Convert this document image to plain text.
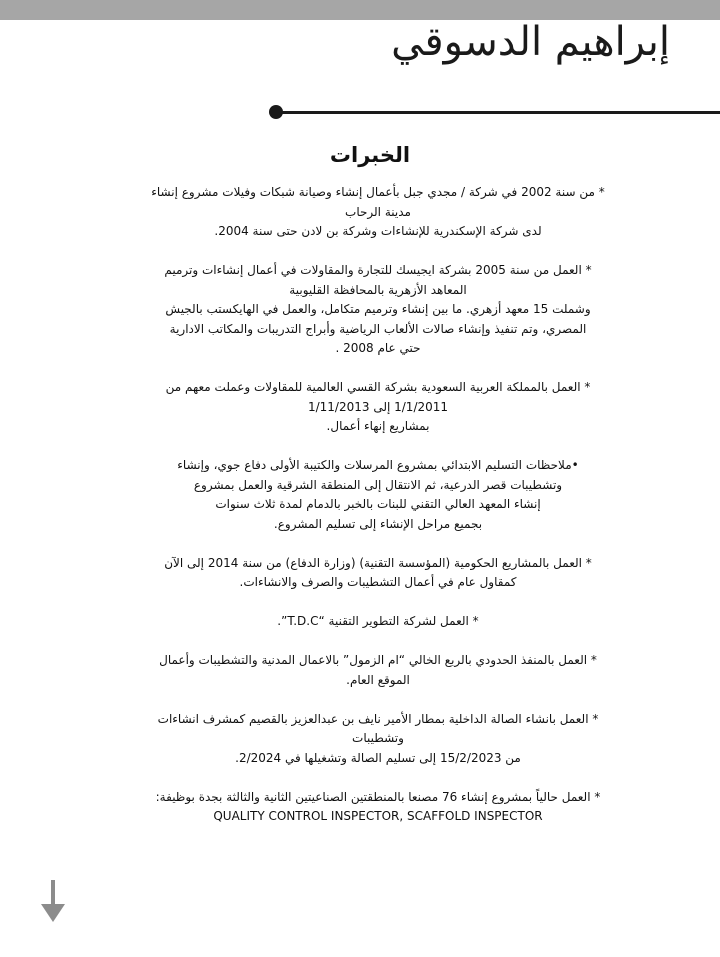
إبراهيم الدسوقي
الخبرات
* من سنة 2002 في شركة / مجدي جبل بأعمال إنشاء وصيانة شبكات وفيلات مشروع إنشاء
مدينة الرحاب
لدى شركة الإسكندرية للإنشاءات وشركة بن لادن حتى سنة 2004.
* العمل من سنة 2005 بشركة ايجيسك للتجارة والمقاولات في أعمال إنشاءات وترميم
المعاهد الأزهرية بالمحافظة القليوبية
وشملت 15 معهد أزهري. ما بين إنشاء وترميم متكامل، والعمل في الهايكستب بالجيش
المصري، وتم تنفيذ وإنشاء صالات الألعاب الرياضية وأبراج التدريبات والمكاتب الادارية
حتي عام 2008 .
* العمل بالمملكة العربية السعودية بشركة القسي العالمية للمقاولات وعملت معهم من
1/1/2011 إلى 1/11/2013
بمشاريع إنهاء أعمال.
•ملاحظات التسليم الابتدائي بمشروع المرسلات والكتيبة الأولى دفاع جوي، وإنشاء
وتشطيبات قصر الدرعية، ثم الانتقال إلى المنطقة الشرقية والعمل بمشروع
إنشاء المعهد العالي التقني للبنات بالخبر بالدمام لمدة ثلاث سنوات
بجميع مراحل الإنشاء إلى تسليم المشروع.
* العمل بالمشاريع الحكومية (المؤسسة التقنية) (وزارة الدفاع) من سنة 2014 إلى الآن
كمقاول عام في أعمال التشطيبات والصرف والانشاءات.
* العمل لشركة التطوير التقنية “T.D.C”.
* العمل بالمنفذ الحدودي بالربع الخالي “ام الزمول” بالاعمال المدنية والتشطيبات وأعمال
الموقع العام.
* العمل بانشاء الصالة الداخلية بمطار الأمير نايف بن عبدالعزيز بالقصيم كمشرف انشاءات
وتشطيبات
من 15/2/2023 إلى تسليم الصالة وتشغيلها في 2/2024.
* العمل حالياً بمشروع إنشاء 76 مصنعا بالمنطقتين الصناعيتين الثانية والثالثة بجدة بوظيفة:
QUALITY CONTROL INSPECTOR, SCAFFOLD INSPECTOR
